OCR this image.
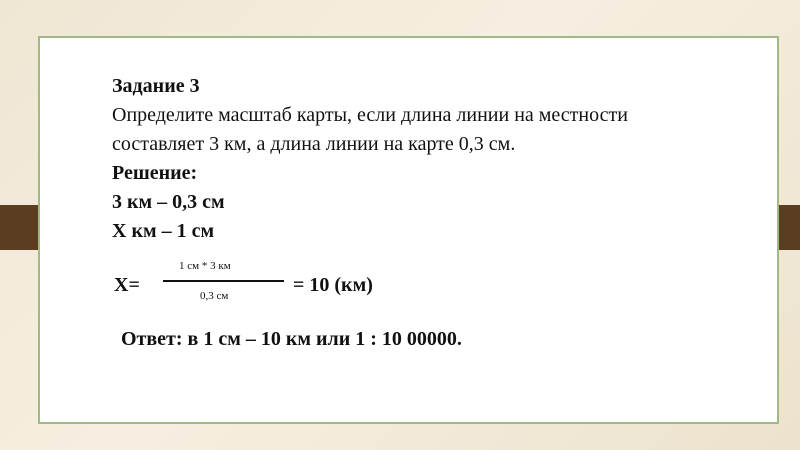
Задание 3
Определите масштаб карты, если длина линии на местности
составляет 3 км, а длина линии на карте 0,3 см.
Решение:
3 км – 0,3 см
Х км – 1 см
Х=
1 см * 3 км
0,3 см	= 10 (км)
Ответ: в 1 см – 10 км или 1 : 10 00000.
